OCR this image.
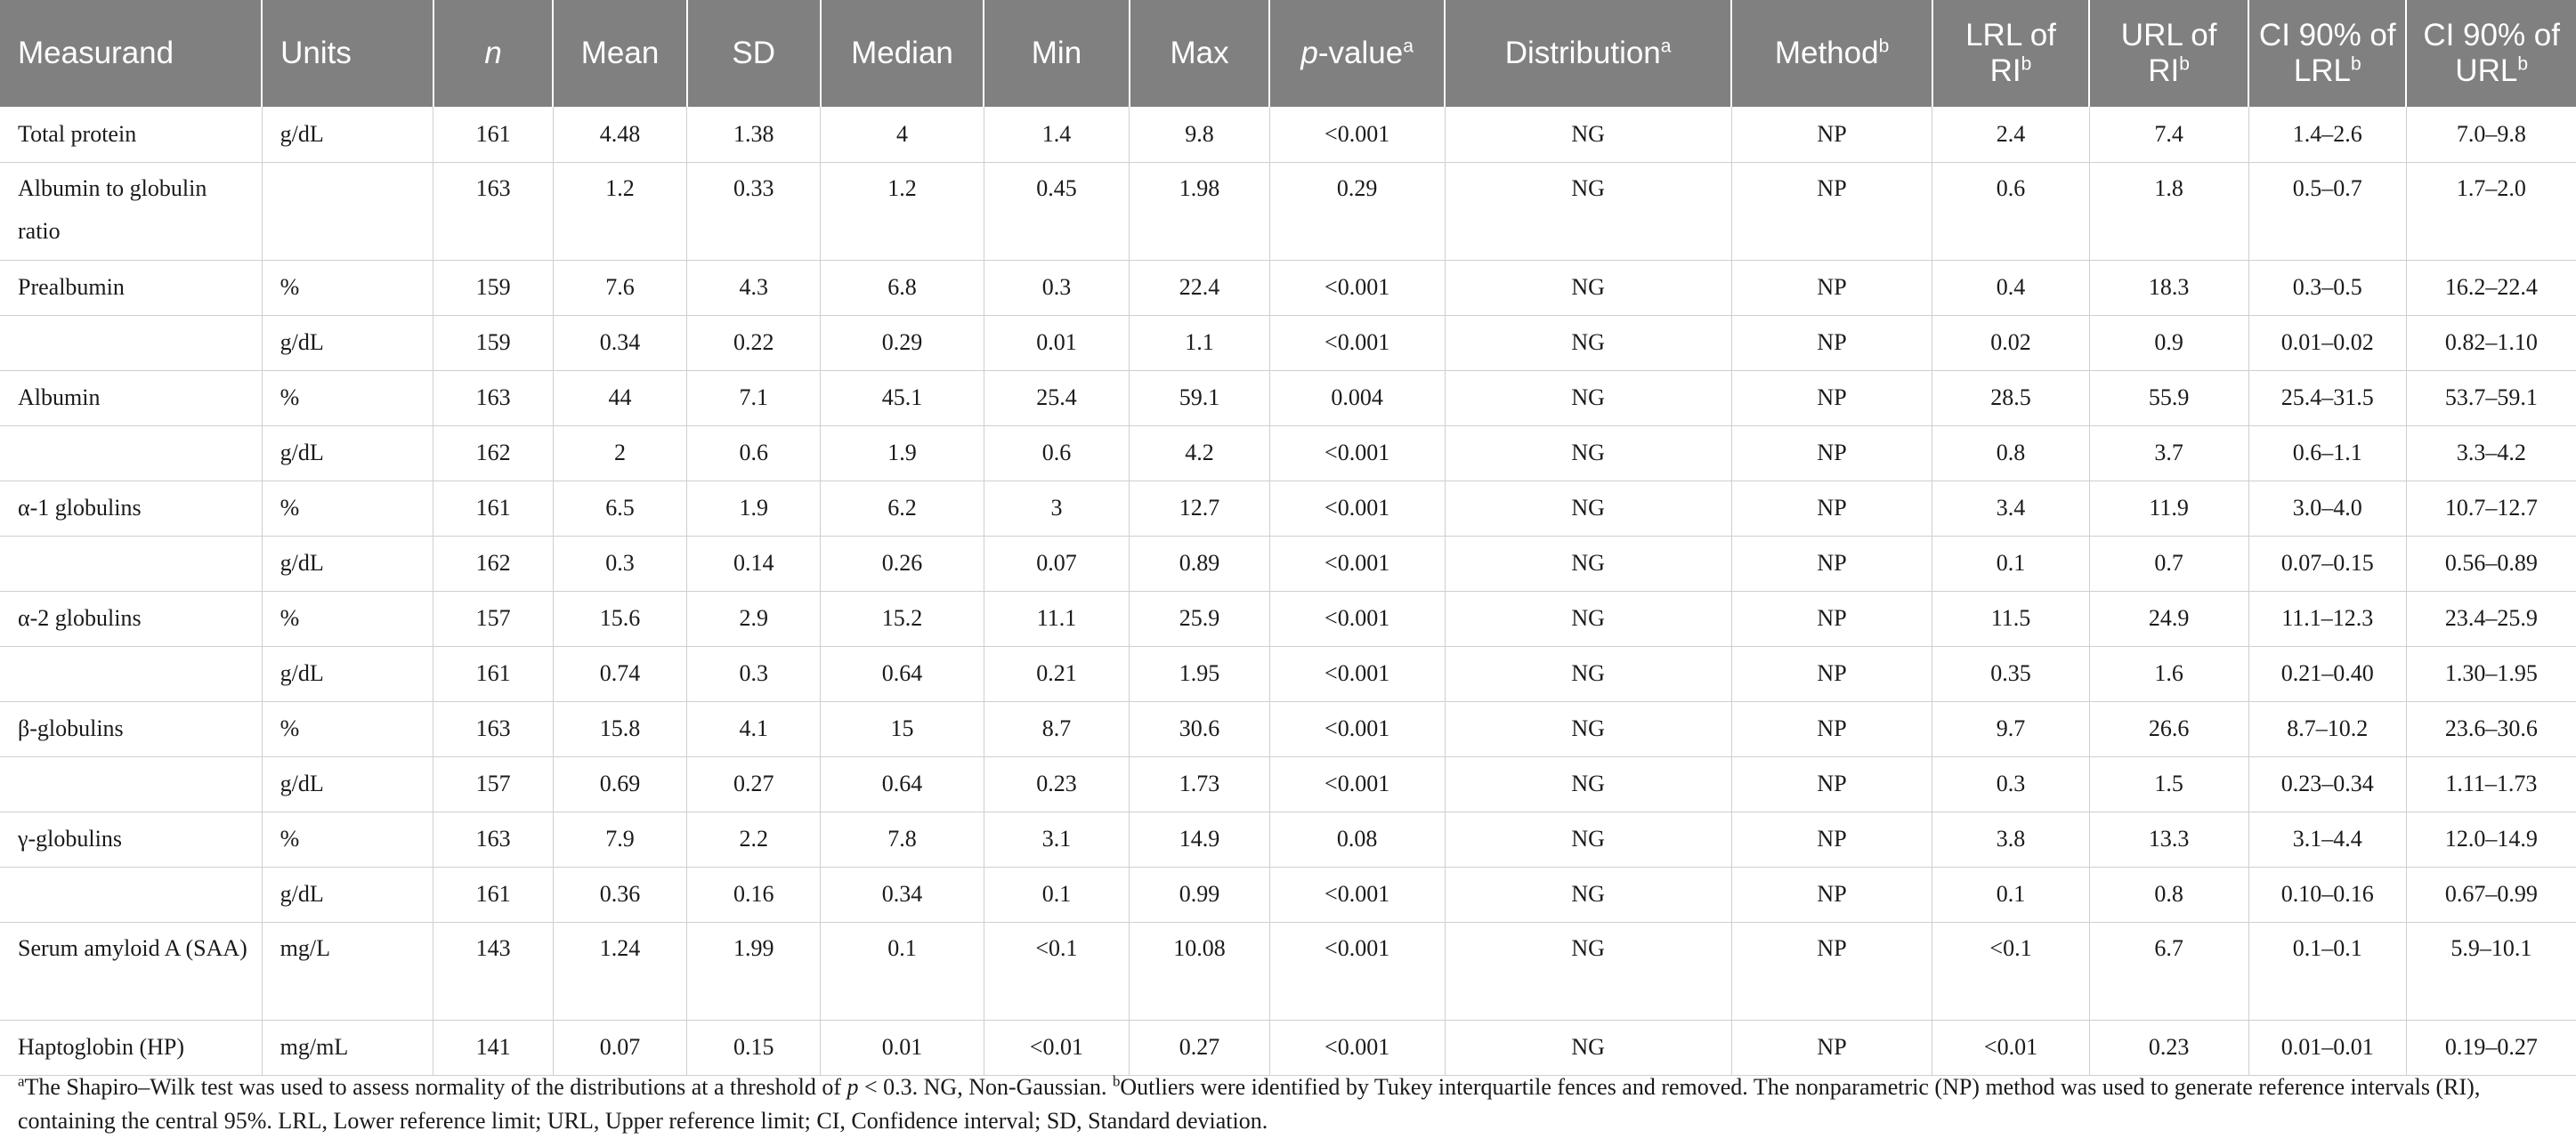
Measurand	Units	n	Mean	SD	Median	Min	Max	p-value$^a$	Distribution$^a$	Method$^b$	LRL of $RI^b$	URL of $RI^b$	CI 90% of LRL$^b$	CI 90% of URL$^b$
Total protein	g/dL	161	4.48	1.38	4	1.4	9.8	<0.001	NG	NP	2.4	7.4	1.4–2.6	7.0–9.8
Albumin to globulin ratio		163	1.2	0.33	1.2	0.45	1.98	0.29	NG	NP	0.6	1.8	0.5–0.7	1.7–2.0
Prealbumin	%	159	7.6	4.3	6.8	0.3	22.4	<0.001	NG	NP	0.4	18.3	0.3–0.5	16.2–22.4
	g/dL	159	0.34	0.22	0.29	0.01	1.1	<0.001	NG	NP	0.02	0.9	0.01–0.02	0.82–1.10
Albumin	%	163	44	7.1	45.1	25.4	59.1	0.004	NG	NP	28.5	55.9	25.4–31.5	53.7–59.1
	g/dL	162	2	0.6	1.9	0.6	4.2	<0.001	NG	NP	0.8	3.7	0.6–1.1	3.3–4.2
α-1 globulins	%	161	6.5	1.9	6.2	3	12.7	<0.001	NG	NP	3.4	11.9	3.0–4.0	10.7–12.7
	g/dL	162	0.3	0.14	0.26	0.07	0.89	<0.001	NG	NP	0.1	0.7	0.07–0.15	0.56–0.89
α-2 globulins	%	157	15.6	2.9	15.2	11.1	25.9	<0.001	NG	NP	11.5	24.9	11.1–12.3	23.4–25.9
	g/dL	161	0.74	0.3	0.64	0.21	1.95	<0.001	NG	NP	0.35	1.6	0.21–0.40	1.30–1.95
β-globulins	%	163	15.8	4.1	15	8.7	30.6	<0.001	NG	NP	9.7	26.6	8.7–10.2	23.6–30.6
	g/dL	157	0.69	0.27	0.64	0.23	1.73	<0.001	NG	NP	0.3	1.5	0.23–0.34	1.11–1.73
γ-globulins	%	163	7.9	2.2	7.8	3.1	14.9	0.08	NG	NP	3.8	13.3	3.1–4.4	12.0–14.9
	g/dL	161	0.36	0.16	0.34	0.1	0.99	<0.001	NG	NP	0.1	0.8	0.10–0.16	0.67–0.99
Serum amyloid A (SAA)	mg/L	143	1.24	1.99	0.1	<0.1	10.08	<0.001	NG	NP	<0.1	6.7	0.1–0.1	5.9–10.1
Haptoglobin (HP)	mg/mL	141	0.07	0.15	0.01	<0.01	0.27	<0.001	NG	NP	<0.01	0.23	0.01–0.01	0.19–0.27
$^a$The Shapiro–Wilk test was used to assess normality of the distributions at a threshold of p < 0.3. NG, Non-Gaussian. $^b$Outliers were identified by Tukey interquartile fences and removed. The nonparametric (NP) method was used to generate reference intervals (RI), containing the central 95%. LRL, Lower reference limit; URL, Upper reference limit; CI, Confidence interval; SD, Standard deviation.
